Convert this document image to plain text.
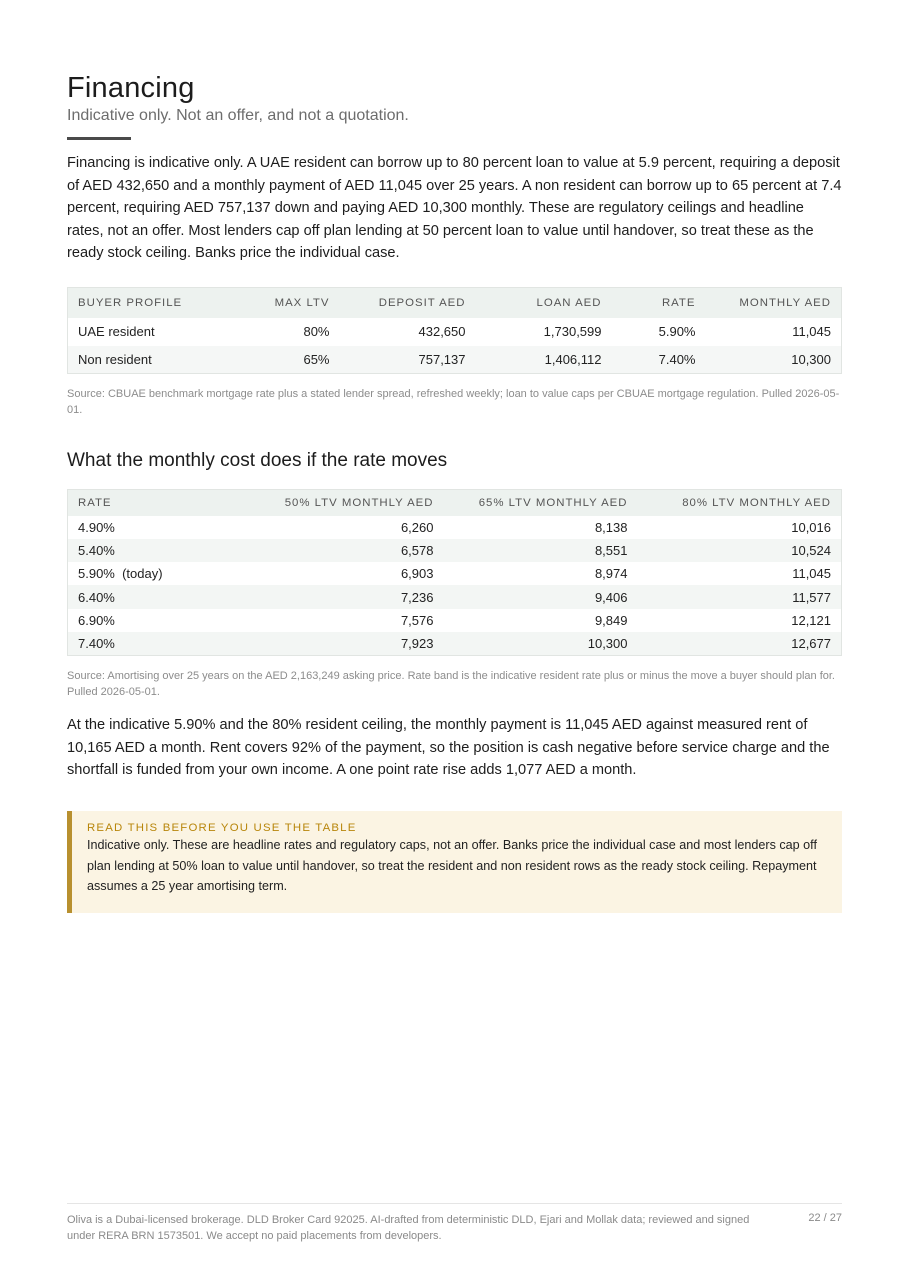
Financing
Indicative only. Not an offer, and not a quotation.

Financing is indicative only. A UAE resident can borrow up to 80 percent loan to value at 5.9 percent, requiring a deposit of AED 432,650 and a monthly payment of AED 11,045 over 25 years. A non resident can borrow up to 65 percent at 7.4 percent, requiring AED 757,137 down and paying AED 10,300 monthly. These are regulatory ceilings and headline rates, not an offer. Most lenders cap off plan lending at 50 percent loan to value until handover, so treat these as the ready stock ceiling. Banks price the individual case.

BUYER PROFILE	MAX LTV	DEPOSIT AED	LOAN AED	RATE	MONTHLY AED
UAE resident	80%	432,650	1,730,599	5.90%	11,045
Non resident	65%	757,137	1,406,112	7.40%	10,300
Source: CBUAE benchmark mortgage rate plus a stated lender spread, refreshed weekly; loan to value caps per CBUAE mortgage regulation. Pulled 2026-05-01.
What the monthly cost does if the rate moves
RATE	50% LTV MONTHLY AED	65% LTV MONTHLY AED	80% LTV MONTHLY AED
4.90%	6,260	8,138	10,016
5.40%	6,578	8,551	10,524
5.90%  (today)	6,903	8,974	11,045
6.40%	7,236	9,406	11,577
6.90%	7,576	9,849	12,121
7.40%	7,923	10,300	12,677
Source: Amortising over 25 years on the AED 2,163,249 asking price. Rate band is the indicative resident rate plus or minus the move a buyer should plan for. Pulled 2026-05-01.

At the indicative 5.90% and the 80% resident ceiling, the monthly payment is 11,045 AED against measured rent of 10,165 AED a month. Rent covers 92% of the payment, so the position is cash negative before service charge and the shortfall is funded from your own income. A one point rate rise adds 1,077 AED a month.

READ THIS BEFORE YOU USE THE TABLE
Indicative only. These are headline rates and regulatory caps, not an offer. Banks price the individual case and most lenders cap off plan lending at 50% loan to value until handover, so treat the resident and non resident rows as the ready stock ceiling. Repayment assumes a 25 year amortising term.
Oliva is a Dubai-licensed brokerage. DLD Broker Card 92025. AI-drafted from deterministic DLD, Ejari and Mollak data; reviewed and signed under RERA BRN 1573501. We accept no paid placements from developers.
22 / 27
